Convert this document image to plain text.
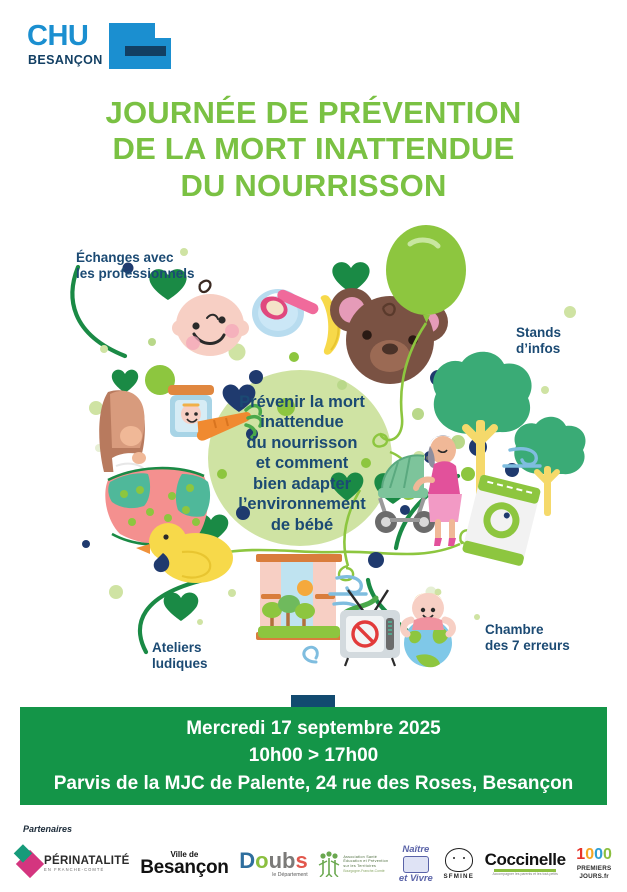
CHU
BESANÇON
JOURNÉE DE PRÉVENTION
DE LA MORT INATTENDUE
DU NOURRISSON
Échanges avec
les professionnels
Stands
d’infos
Ateliers
ludiques
Chambre
des 7 erreurs
Prévenir la mort
inattendue
du nourrisson
et comment
bien adapter
l’environnement
de bébé
Mercredi 17 septembre 2025
10h00 > 17h00
Parvis de la MJC de Palente, 24 rue des Roses, Besançon
Partenaires
PÉRINATALITÉ
EN FRANCHE-COMTÉ
Ville de
Besançon D o u b s
le Département
Association Santé
Éducation et Prévention
sur les Territoires
Bourgogne-Franche-Comté
Naître
et Vivre SFMINE
Coccinelle
Accompagner les parents et les tout-petits
1000
PREMIERS
JOURS.fr
